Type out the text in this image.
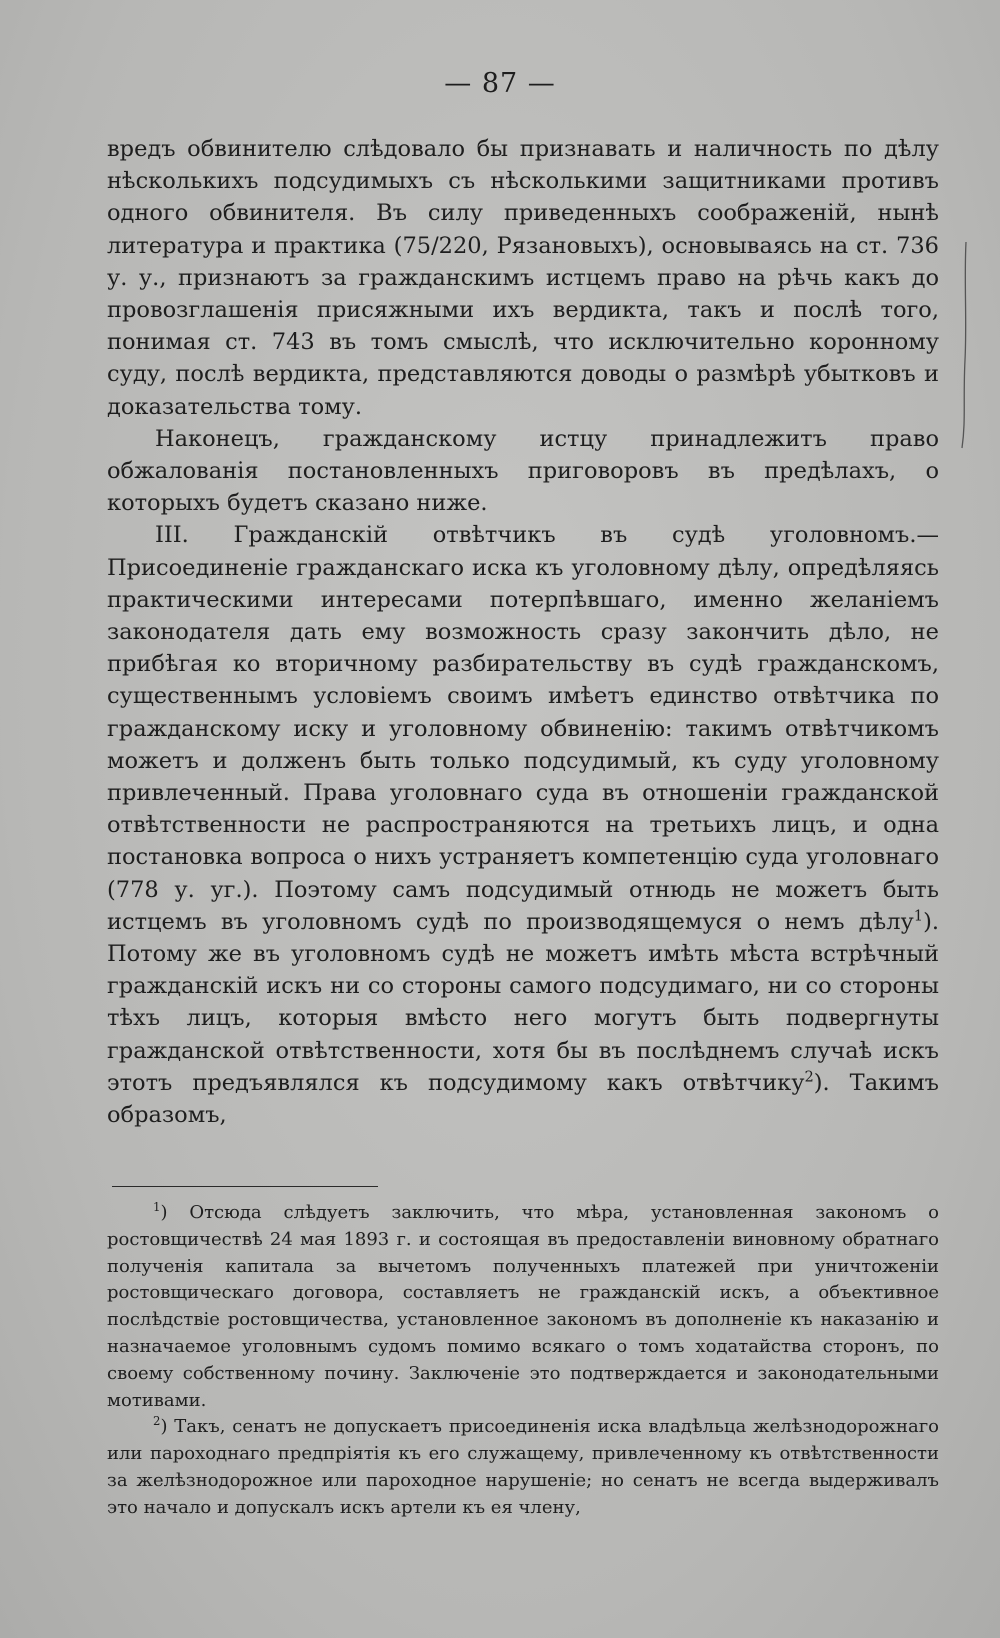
— 87 —

вредъ обвинителю слѣдовало бы признавать и наличность по дѣлу нѣсколькихъ подсудимыхъ съ нѣсколькими защитниками противъ одного обвинителя. Въ силу приведенныхъ соображеній, нынѣ литература и практика (75/220, Рязановыхъ), основываясь на ст. 736 у. у., признаютъ за гражданскимъ истцемъ право на рѣчь какъ до провозглашенія присяжными ихъ вердикта, такъ и послѣ того, понимая ст. 743 въ томъ смыслѣ, что исключительно коронному суду, послѣ вердикта, представляются доводы о размѣрѣ убытковъ и доказательства тому.

Наконецъ, гражданскому истцу принадлежитъ право обжалованія постановленныхъ приговоровъ въ предѣлахъ, о которыхъ будетъ сказано ниже.

III. Гражданскій отвѣтчикъ въ судѣ уголовномъ.— Присоединеніе гражданскаго иска къ уголовному дѣлу, опредѣляясь практическими интересами потерпѣвшаго, именно желаніемъ законодателя дать ему возможность сразу закончить дѣло, не прибѣгая ко вторичному разбирательству въ судѣ гражданскомъ, существеннымъ условіемъ своимъ имѣетъ единство отвѣтчика по гражданскому иску и уголовному обвиненію: такимъ отвѣтчикомъ можетъ и долженъ быть только подсудимый, къ суду уголовному привлеченный. Права уголовнаго суда въ отношеніи гражданской отвѣтственности не распространяются на третьихъ лицъ, и одна постановка вопроса о нихъ устраняетъ компетенцію суда уголовнаго (778 у. уг.). Поэтому самъ подсудимый отнюдь не можетъ быть истцемъ въ уголовномъ судѣ по производящемуся о немъ дѣлу$^1$). Потому же въ уголовномъ судѣ не можетъ имѣть мѣста встрѣчный гражданскій искъ ни со стороны самого подсудимаго, ни со стороны тѣхъ лицъ, которыя вмѣсто него могутъ быть подвергнуты гражданской отвѣтственности, хотя бы въ послѣднемъ случаѣ искъ этотъ предъявлялся къ подсудимому какъ отвѣтчику$^2$). Такимъ образомъ,

$^1$) Отсюда слѣдуетъ заключить, что мѣра, установленная закономъ о ростовщичествѣ 24 мая 1893 г. и состоящая въ предоставленіи виновному обратнаго полученія капитала за вычетомъ полученныхъ платежей при уничтоженіи ростовщическаго договора, составляетъ не гражданскій искъ, а объективное послѣдствіе ростовщичества, установленное закономъ въ дополненіе къ наказанію и назначаемое уголовнымъ судомъ помимо всякаго о томъ ходатайства сторонъ, по своему собственному почину. Заключеніе это подтверждается и законодательными мотивами.

$^2$) Такъ, сенатъ не допускаетъ присоединенія иска владѣльца желѣзнодорожнаго или пароходнаго предпріятія къ его служащему, привлеченному къ отвѣтственности за желѣзнодорожное или пароходное нарушеніе; но сенатъ не всегда выдерживалъ это начало и допускалъ искъ артели къ ея члену,
